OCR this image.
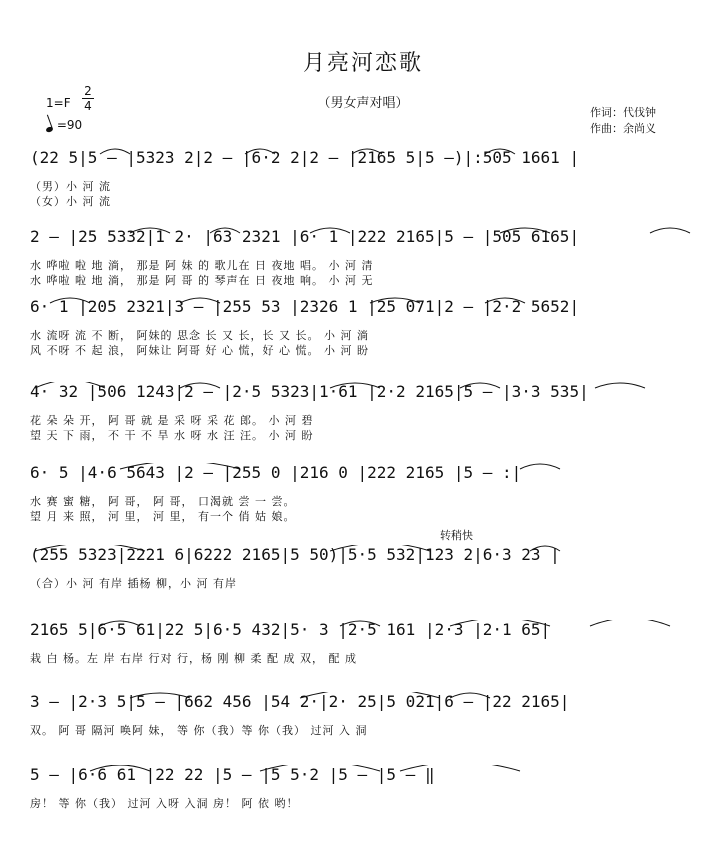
月亮河恋歌
（男女声对唱）
1=F
2
4
=90
作词：代伐钟
作曲：余尚义
(22 5|5 – |5323 2|2 – |6·2 2|2 – |2165 5|5 –)|:505 1661 |
（男）小 河 流
（女）小 河 流
2 – |25 5332|1 2· |63 2321 |6· 1 |222 2165|5 – |505 6165|
水 哗啦 啦 地 淌， 那是 阿 妹 的 歌儿在 日 夜地 唱。 小 河 清
水 哗啦 啦 地 淌， 那是 阿 哥 的 琴声在 日 夜地 响。 小 河 无
6· 1 |205 2321|3 – |255 53 |2326 1 |25 071|2 – |2·2 5652|
水 流呀 流 不 断， 阿妹的 思念 长 又 长，长 又 长。 小 河 淌
风 不呀 不 起 浪， 阿妹让 阿哥 好 心 慌，好 心 慌。 小 河 盼
4· 32 |506 1243|2 – |2·5 5323|1·61 |2·2 2165|5 – |3·3 535|
花 朵 朵 开， 阿 哥 就 是 采 呀 采 花 郎。 小 河 碧
望 天 下 雨， 不 干 不 旱 水 呀 水 汪 汪。 小 河 盼
6· 5 |4·6 5643 |2 – |255 0 |216 0 |222 2165 |5 – :|
水 赛 蜜 糖， 阿 哥， 阿 哥， 口渴就 尝 一 尝。
望 月 来 照， 河 里， 河 里， 有一个 俏 姑 娘。
转稍快
(255 5323|2221 6|6222 2165|5 50)|5·5 532|123 2|6·3 23 |
（合）小 河 有岸 插杨 柳，小 河 有岸
2165 5|6·5 61|22 5|6·5 432|5· 3 |2·5 161 |2·3 |2·1 65|
栽 白 杨。左 岸 右岸 行对 行，杨 刚 柳 柔 配 成 双， 配 成
3 – |2·3 5|5 – |662 456 |54 2·|2· 25|5 021|6 – |22 2165|
双。 阿 哥 隔河 唤阿 妹， 等 你（我）等 你（我） 过河 入 洞
5 – |6·6 61 |22 22 |5 – |5 5·2 |5 – |5 – ‖
房！ 等 你（我） 过河 入呀 入洞 房！ 阿 依 哟！
